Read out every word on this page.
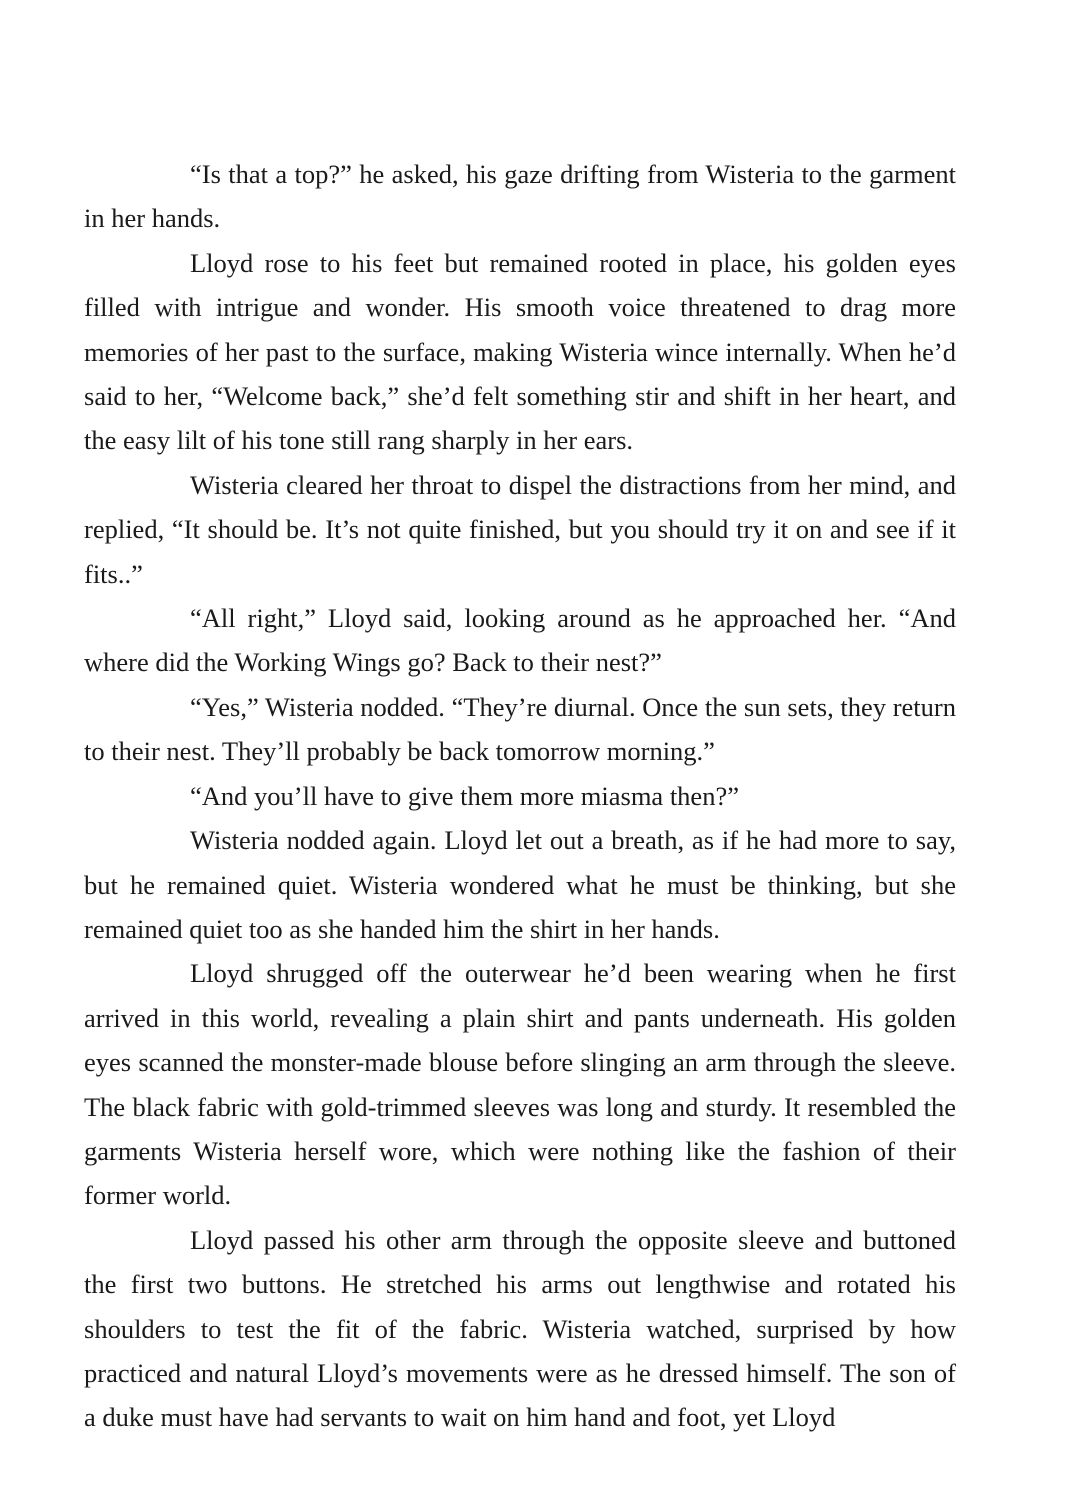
“Is that a top?” he asked, his gaze drifting from Wisteria to the garment in her hands.

Lloyd rose to his feet but remained rooted in place, his golden eyes filled with intrigue and wonder. His smooth voice threatened to drag more memories of her past to the surface, making Wisteria wince internally. When he’d said to her, “Welcome back,” she’d felt something stir and shift in her heart, and the easy lilt of his tone still rang sharply in her ears.

Wisteria cleared her throat to dispel the distractions from her mind, and replied, “It should be. It’s not quite finished, but you should try it on and see if it fits..”

“All right,” Lloyd said, looking around as he approached her. “And where did the Working Wings go? Back to their nest?”

“Yes,” Wisteria nodded. “They’re diurnal. Once the sun sets, they return to their nest. They’ll probably be back tomorrow morning.”

“And you’ll have to give them more miasma then?”

Wisteria nodded again. Lloyd let out a breath, as if he had more to say, but he remained quiet. Wisteria wondered what he must be thinking, but she remained quiet too as she handed him the shirt in her hands.

Lloyd shrugged off the outerwear he’d been wearing when he first arrived in this world, revealing a plain shirt and pants underneath. His golden eyes scanned the monster-made blouse before slinging an arm through the sleeve. The black fabric with gold-trimmed sleeves was long and sturdy. It resembled the garments Wisteria herself wore, which were nothing like the fashion of their former world.

Lloyd passed his other arm through the opposite sleeve and buttoned the first two buttons. He stretched his arms out lengthwise and rotated his shoulders to test the fit of the fabric. Wisteria watched, surprised by how practiced and natural Lloyd’s movements were as he dressed himself. The son of a duke must have had servants to wait on him hand and foot, yet Lloyd
